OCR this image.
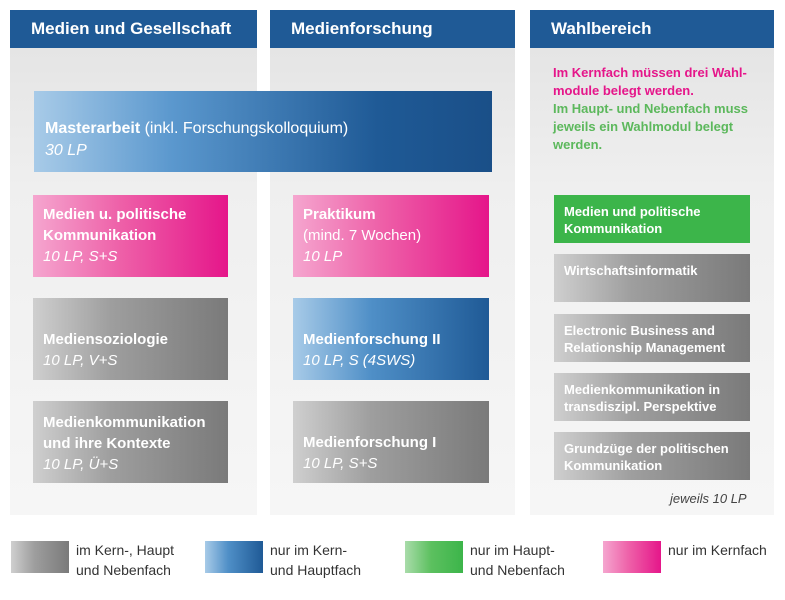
Medien und Gesellschaft	Medienforschung	Wahlbereich
Masterarbeit (inkl. Forschungskolloquium)
30 LP
Medien u. politische
Kommunikation
10 LP, S+S
Mediensoziologie
10 LP, V+S
Medienkommunikation
und ihre Kontexte
10 LP, Ü+S
Praktikum
(mind. 7 Wochen)
10 LP
Medienforschung II
10 LP, S (4SWS)
Medienforschung I
10 LP, S+S
Im Kernfach müssen drei Wahl-
module belegt werden.
Im Haupt- und Nebenfach muss
jeweils ein Wahlmodul belegt
werden.
Medien und politische
Kommunikation
Wirtschaftsinformatik
Electronic Business and
Relationship Management
Medienkommunikation in
transdiszipl. Perspektive
Grundzüge der politischen
Kommunikation
jeweils 10 LP
im Kern-, Haupt
und Nebenfach
nur im Kern-
und Hauptfach
nur im Haupt-
und Nebenfach
nur im Kernfach
